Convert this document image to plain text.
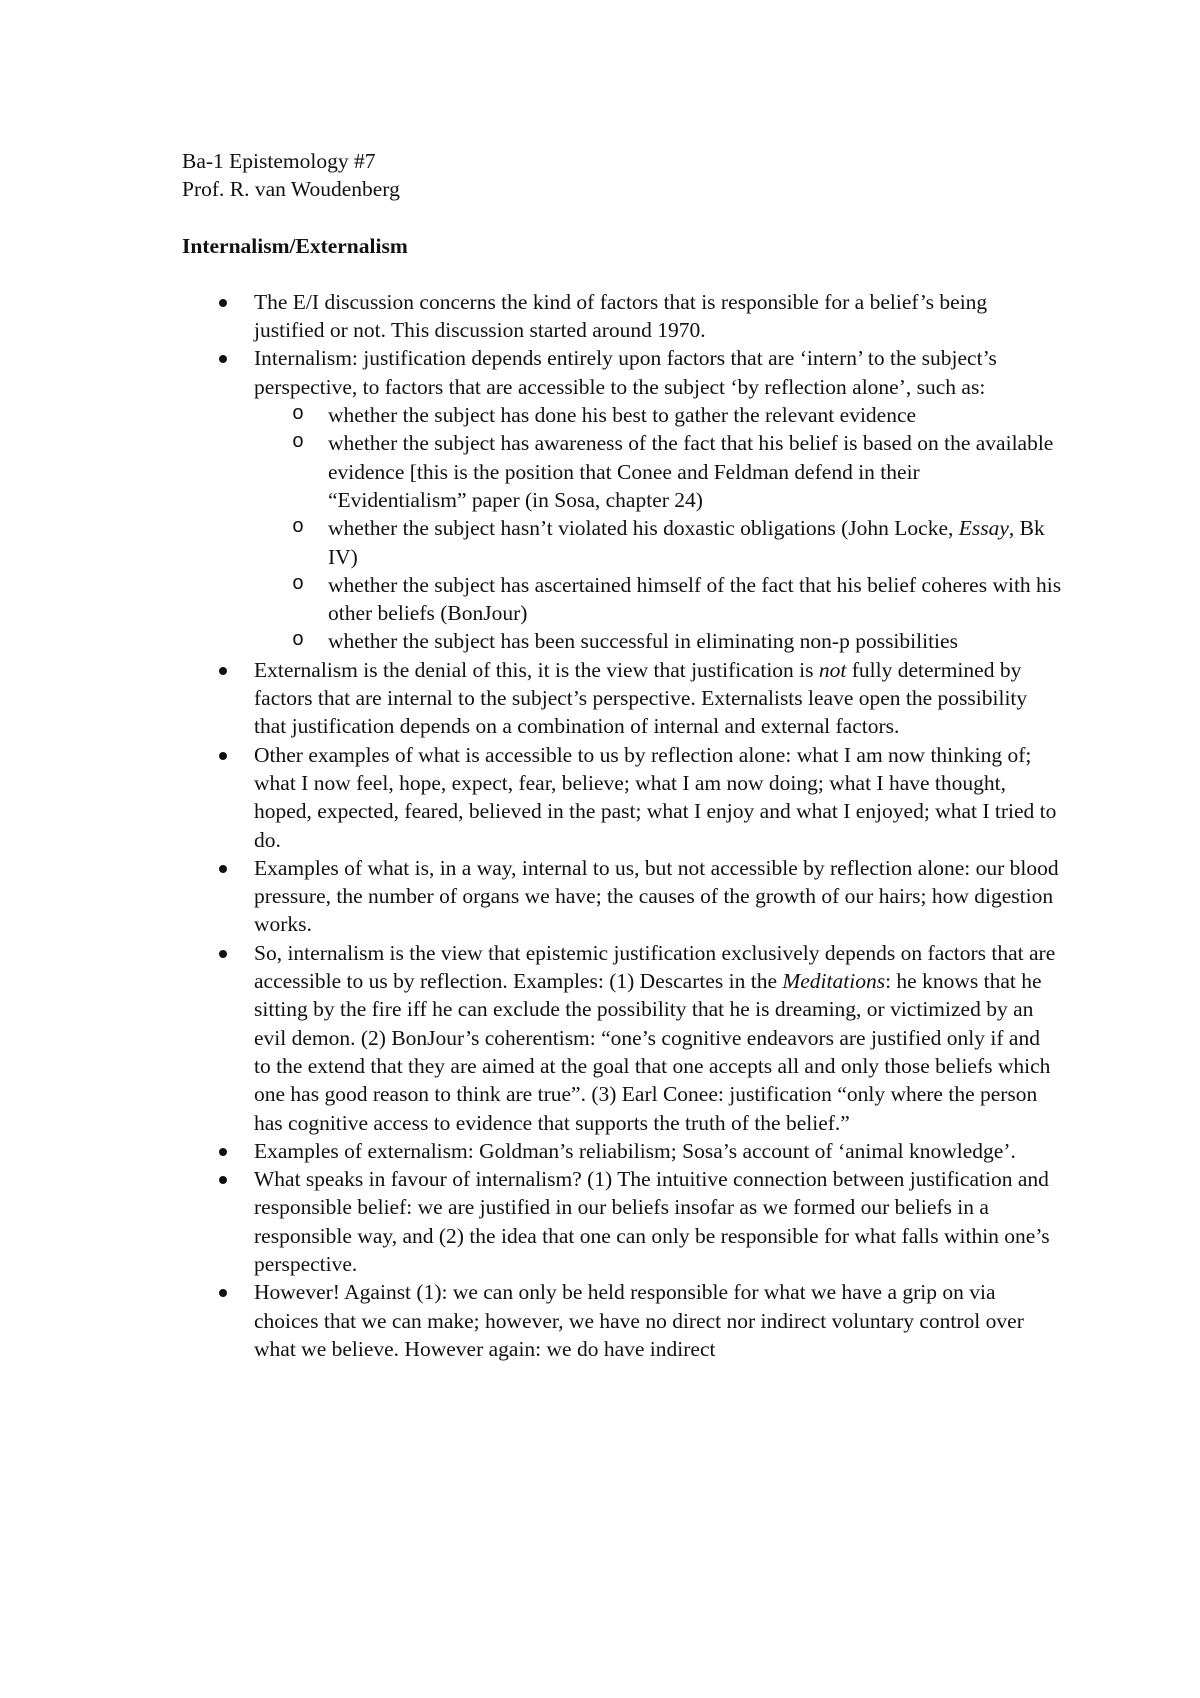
Ba-1 Epistemology #7
Prof. R. van Woudenberg
Internalism/Externalism
The E/I discussion concerns the kind of factors that is responsible for a belief’s being justified or not. This discussion started around 1970.
Internalism: justification depends entirely upon factors that are ‘intern’ to the subject’s perspective, to factors that are accessible to the subject ‘by reflection alone’, such as:
o whether the subject has done his best to gather the relevant evidence
o whether the subject has awareness of the fact that his belief is based on the available evidence [this is the position that Conee and Feldman defend in their “Evidentialism” paper (in Sosa, chapter 24)
o whether the subject hasn’t violated his doxastic obligations (John Locke, Essay, Bk IV)
o whether the subject has ascertained himself of the fact that his belief coheres with his other beliefs (BonJour)
o whether the subject has been successful in eliminating non-p possibilities
Externalism is the denial of this, it is the view that justification is not fully determined by factors that are internal to the subject’s perspective. Externalists leave open the possibility that justification depends on a combination of internal and external factors.
Other examples of what is accessible to us by reflection alone: what I am now thinking of; what I now feel, hope, expect, fear, believe; what I am now doing; what I have thought, hoped, expected, feared, believed in the past; what I enjoy and what I enjoyed; what I tried to do.
Examples of what is, in a way, internal to us, but not accessible by reflection alone: our blood pressure, the number of organs we have; the causes of the growth of our hairs; how digestion works.
So, internalism is the view that epistemic justification exclusively depends on factors that are accessible to us by reflection. Examples: (1) Descartes in the Meditations: he knows that he sitting by the fire iff he can exclude the possibility that he is dreaming, or victimized by an evil demon. (2) BonJour’s coherentism: “one’s cognitive endeavors are justified only if and to the extend that they are aimed at the goal that one accepts all and only those beliefs which one has good reason to think are true”. (3) Earl Conee: justification “only where the person has cognitive access to evidence that supports the truth of the belief.”
Examples of externalism: Goldman’s reliabilism; Sosa’s account of ‘animal knowledge’.
What speaks in favour of internalism? (1) The intuitive connection between justification and responsible belief: we are justified in our beliefs insofar as we formed our beliefs in a responsible way, and (2) the idea that one can only be responsible for what falls within one’s perspective.
However! Against (1): we can only be held responsible for what we have a grip on via choices that we can make; however, we have no direct nor indirect voluntary control over what we believe. However again: we do have indirect
